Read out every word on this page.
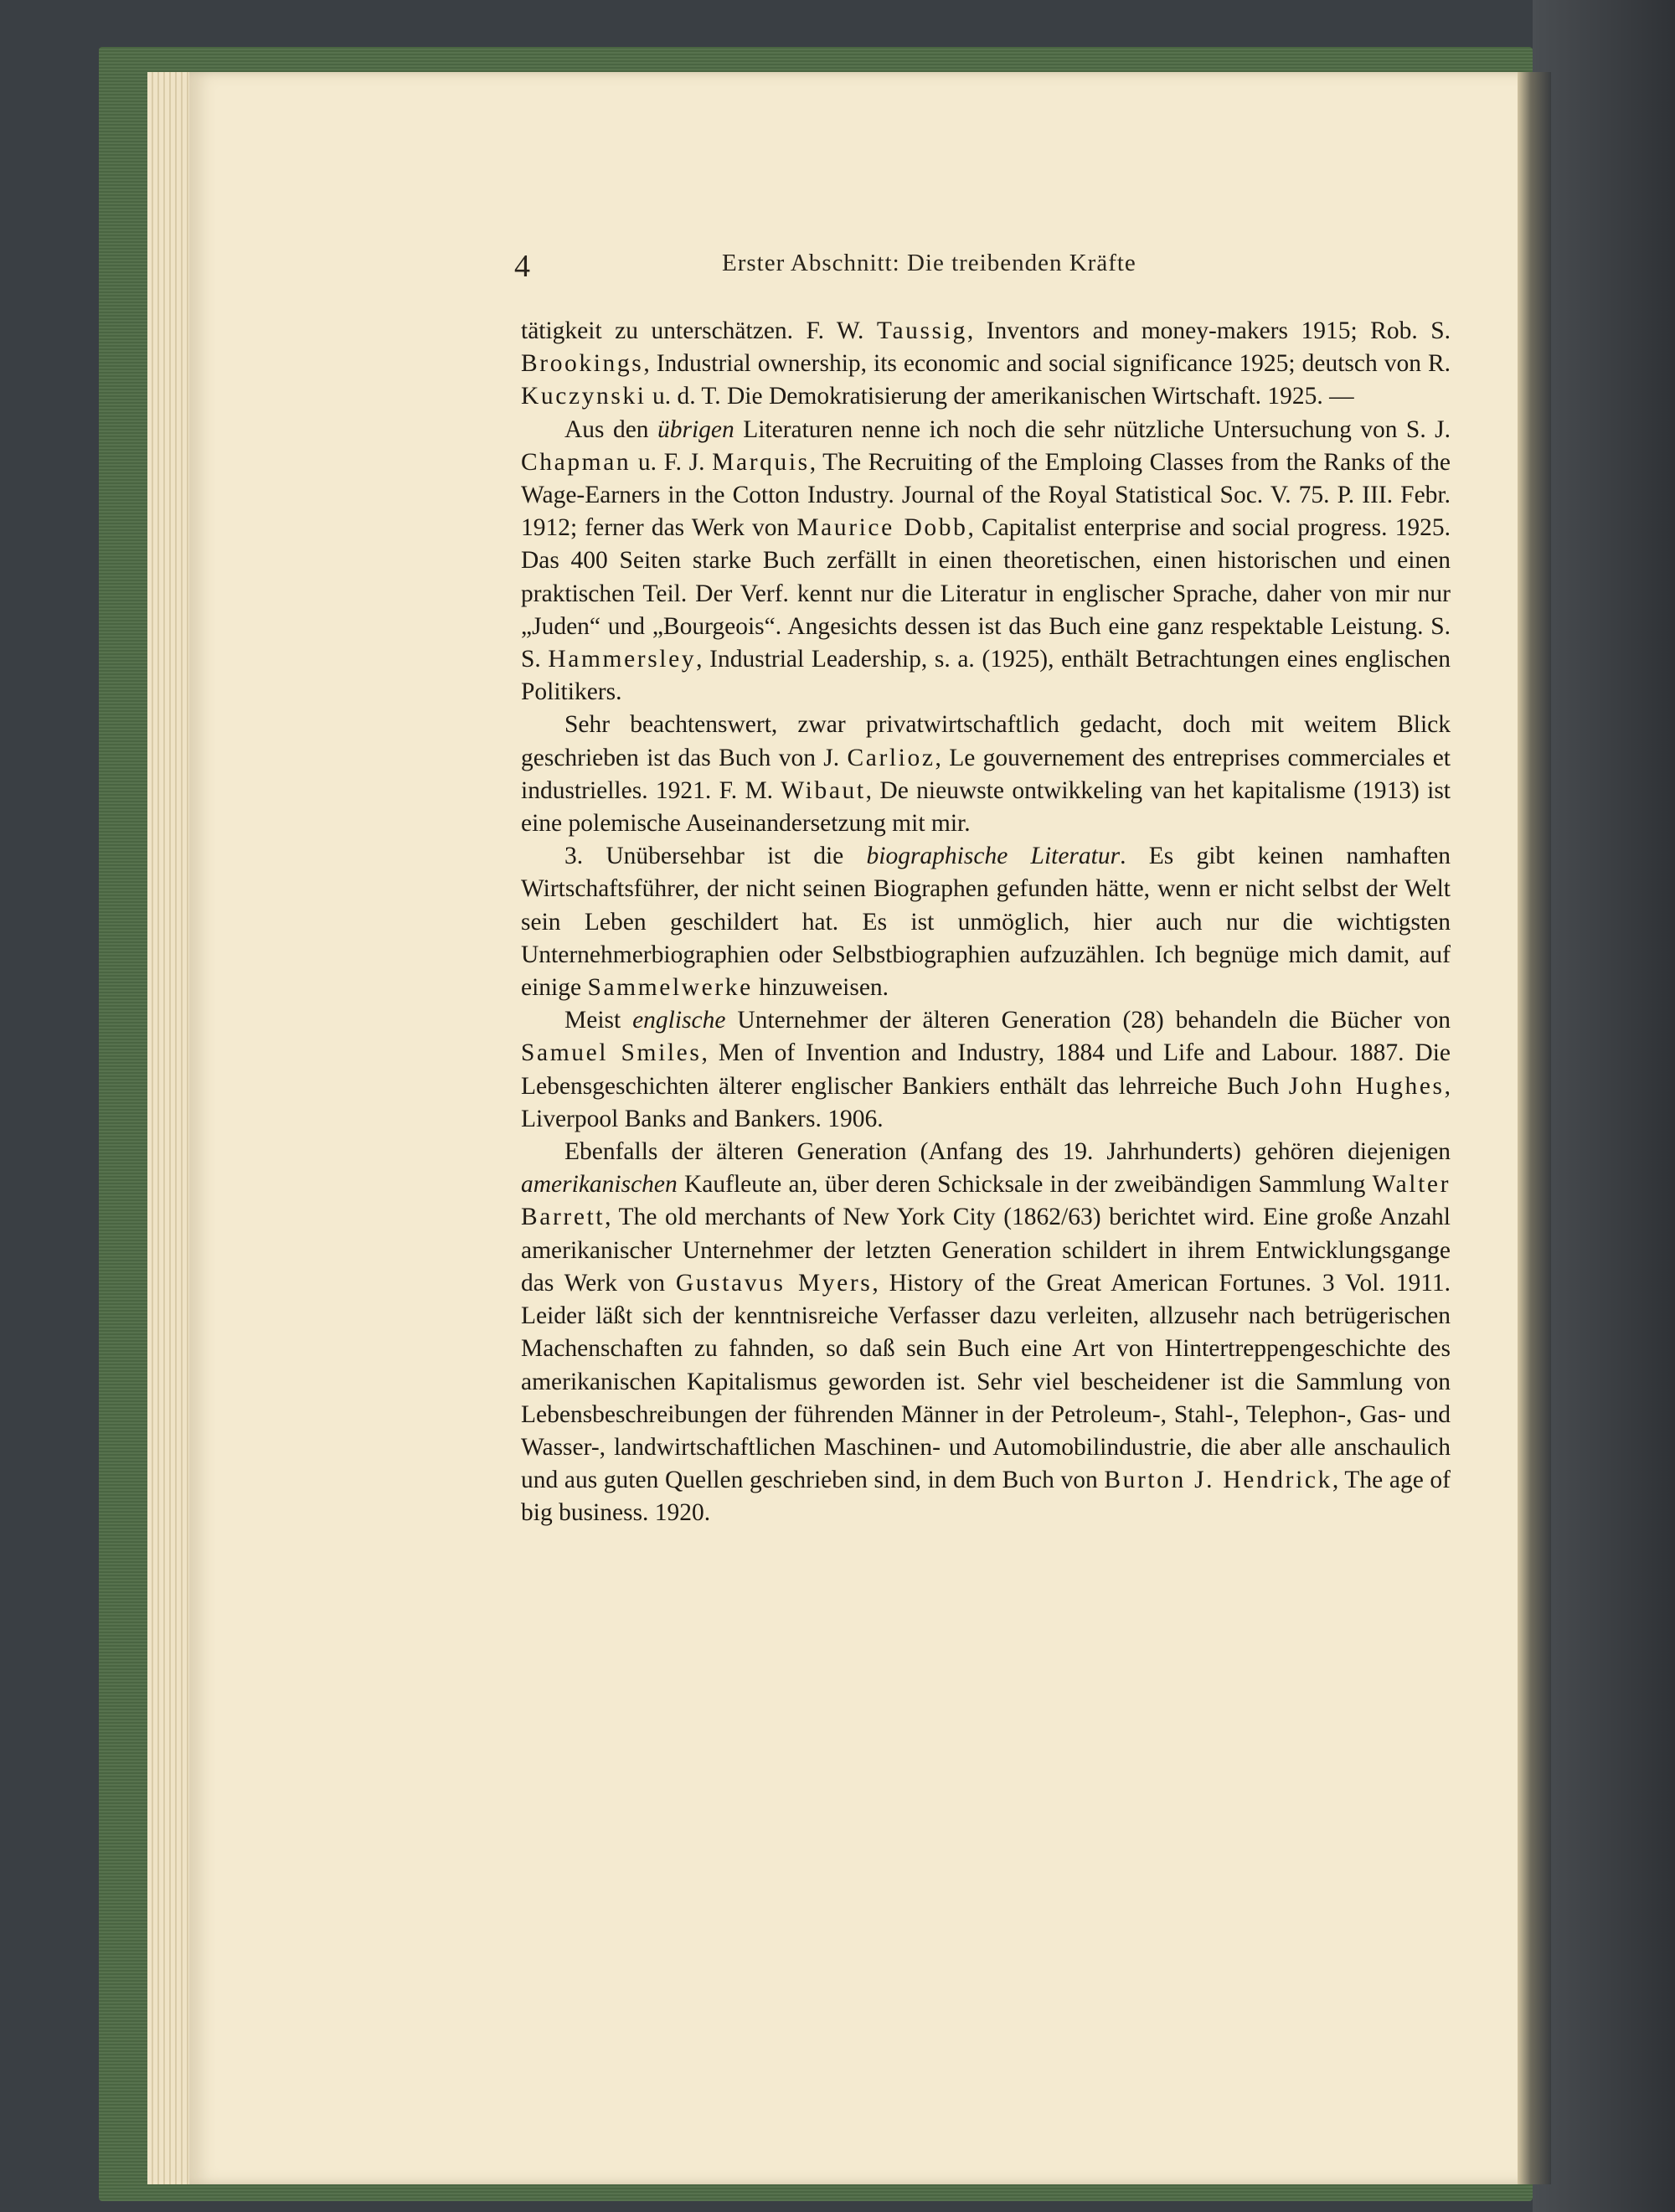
4	Erster Abschnitt: Die treibenden Kräfte

tätigkeit zu unterschätzen. F. W. Taussig, Inventors and money-makers 1915; Rob. S. Brookings, Industrial ownership, its economic and social significance 1925; deutsch von R. Kuczynski u. d. T. Die Demokratisierung der amerikanischen Wirtschaft. 1925. —

Aus den übrigen Literaturen nenne ich noch die sehr nützliche Untersuchung von S. J. Chapman u. F. J. Marquis, The Recruiting of the Emploing Classes from the Ranks of the Wage-Earners in the Cotton Industry. Journal of the Royal Statistical Soc. V. 75. P. III. Febr. 1912; ferner das Werk von Maurice Dobb, Capitalist enterprise and social progress. 1925. Das 400 Seiten starke Buch zerfällt in einen theoretischen, einen historischen und einen praktischen Teil. Der Verf. kennt nur die Literatur in englischer Sprache, daher von mir nur „Juden“ und „Bourgeois“. Angesichts dessen ist das Buch eine ganz respektable Leistung. S. S. Hammersley, Industrial Leadership, s. a. (1925), enthält Betrachtungen eines englischen Politikers.

Sehr beachtenswert, zwar privatwirtschaftlich gedacht, doch mit weitem Blick geschrieben ist das Buch von J. Carlioz, Le gouvernement des entreprises commerciales et industrielles. 1921. F. M. Wibaut, De nieuwste ontwikkeling van het kapitalisme (1913) ist eine polemische Auseinandersetzung mit mir.

3. Unübersehbar ist die biographische Literatur. Es gibt keinen namhaften Wirtschaftsführer, der nicht seinen Biographen gefunden hätte, wenn er nicht selbst der Welt sein Leben geschildert hat. Es ist unmöglich, hier auch nur die wichtigsten Unternehmerbiographien oder Selbstbiographien aufzuzählen. Ich begnüge mich damit, auf einige Sammelwerke hinzuweisen.

Meist englische Unternehmer der älteren Generation (28) behandeln die Bücher von Samuel Smiles, Men of Invention and Industry, 1884 und Life and Labour. 1887. Die Lebensgeschichten älterer englischer Bankiers enthält das lehrreiche Buch John Hughes, Liverpool Banks and Bankers. 1906.

Ebenfalls der älteren Generation (Anfang des 19. Jahrhunderts) gehören diejenigen amerikanischen Kaufleute an, über deren Schicksale in der zweibändigen Sammlung Walter Barrett, The old merchants of New York City (1862/63) berichtet wird. Eine große Anzahl amerikanischer Unternehmer der letzten Generation schildert in ihrem Entwicklungsgange das Werk von Gustavus Myers, History of the Great American Fortunes. 3 Vol. 1911. Leider läßt sich der kenntnisreiche Verfasser dazu verleiten, allzusehr nach betrügerischen Machenschaften zu fahnden, so daß sein Buch eine Art von Hintertreppengeschichte des amerikanischen Kapitalismus geworden ist. Sehr viel bescheidener ist die Sammlung von Lebensbeschreibungen der führenden Männer in der Petroleum-, Stahl-, Telephon-, Gas- und Wasser-, landwirtschaftlichen Maschinen- und Automobilindustrie, die aber alle anschaulich und aus guten Quellen geschrieben sind, in dem Buch von Burton J. Hendrick, The age of big business. 1920.
